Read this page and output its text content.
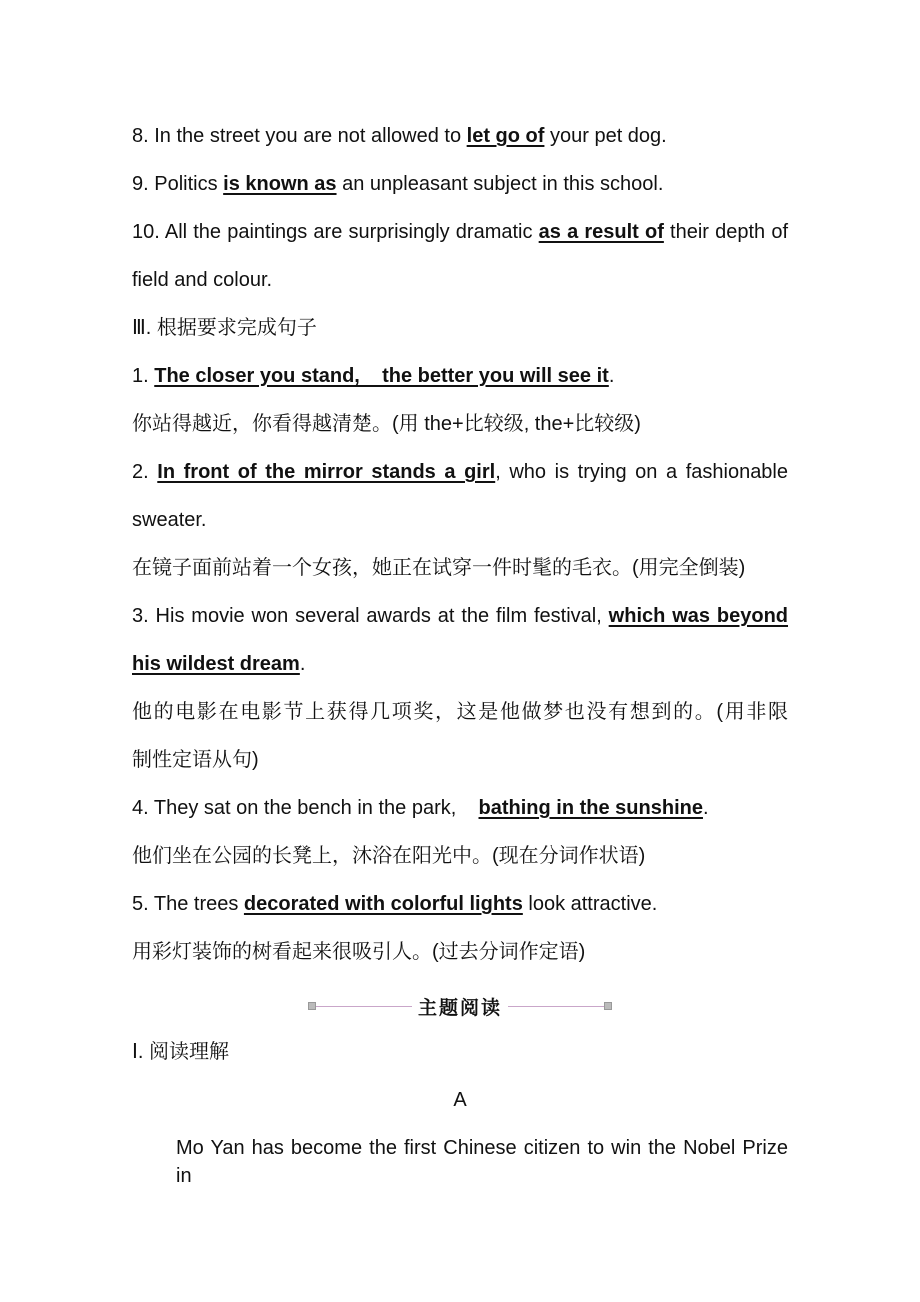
8. In the street you are not allowed to let go of your pet dog.
9. Politics is known as an unpleasant subject in this school.
10. All the paintings are surprisingly dramatic as a result of their depth of
field and colour.
Ⅲ. 根据要求完成句子
1. The closer you stand,    the better you will see it.
你站得越近，你看得越清楚。(用 the+比较级, the+比较级)
2. In front of the mirror stands a girl, who is trying on a fashionable
sweater.
在镜子面前站着一个女孩，她正在试穿一件时髦的毛衣。(用完全倒装)
3. His movie won several awards at the film festival, which was beyond
his wildest dream.
他的电影在电影节上获得几项奖，这是他做梦也没有想到的。(用非限
制性定语从句)
4. They sat on the bench in the park,    bathing in the sunshine.
他们坐在公园的长凳上，沐浴在阳光中。(现在分词作状语)
5. The trees decorated with colorful lights look attractive.
用彩灯装饰的树看起来很吸引人。(过去分词作定语)
Ⅰ. 阅读理解
A
Mo Yan has become the first Chinese citizen to win the Nobel Prize in
主题阅读
